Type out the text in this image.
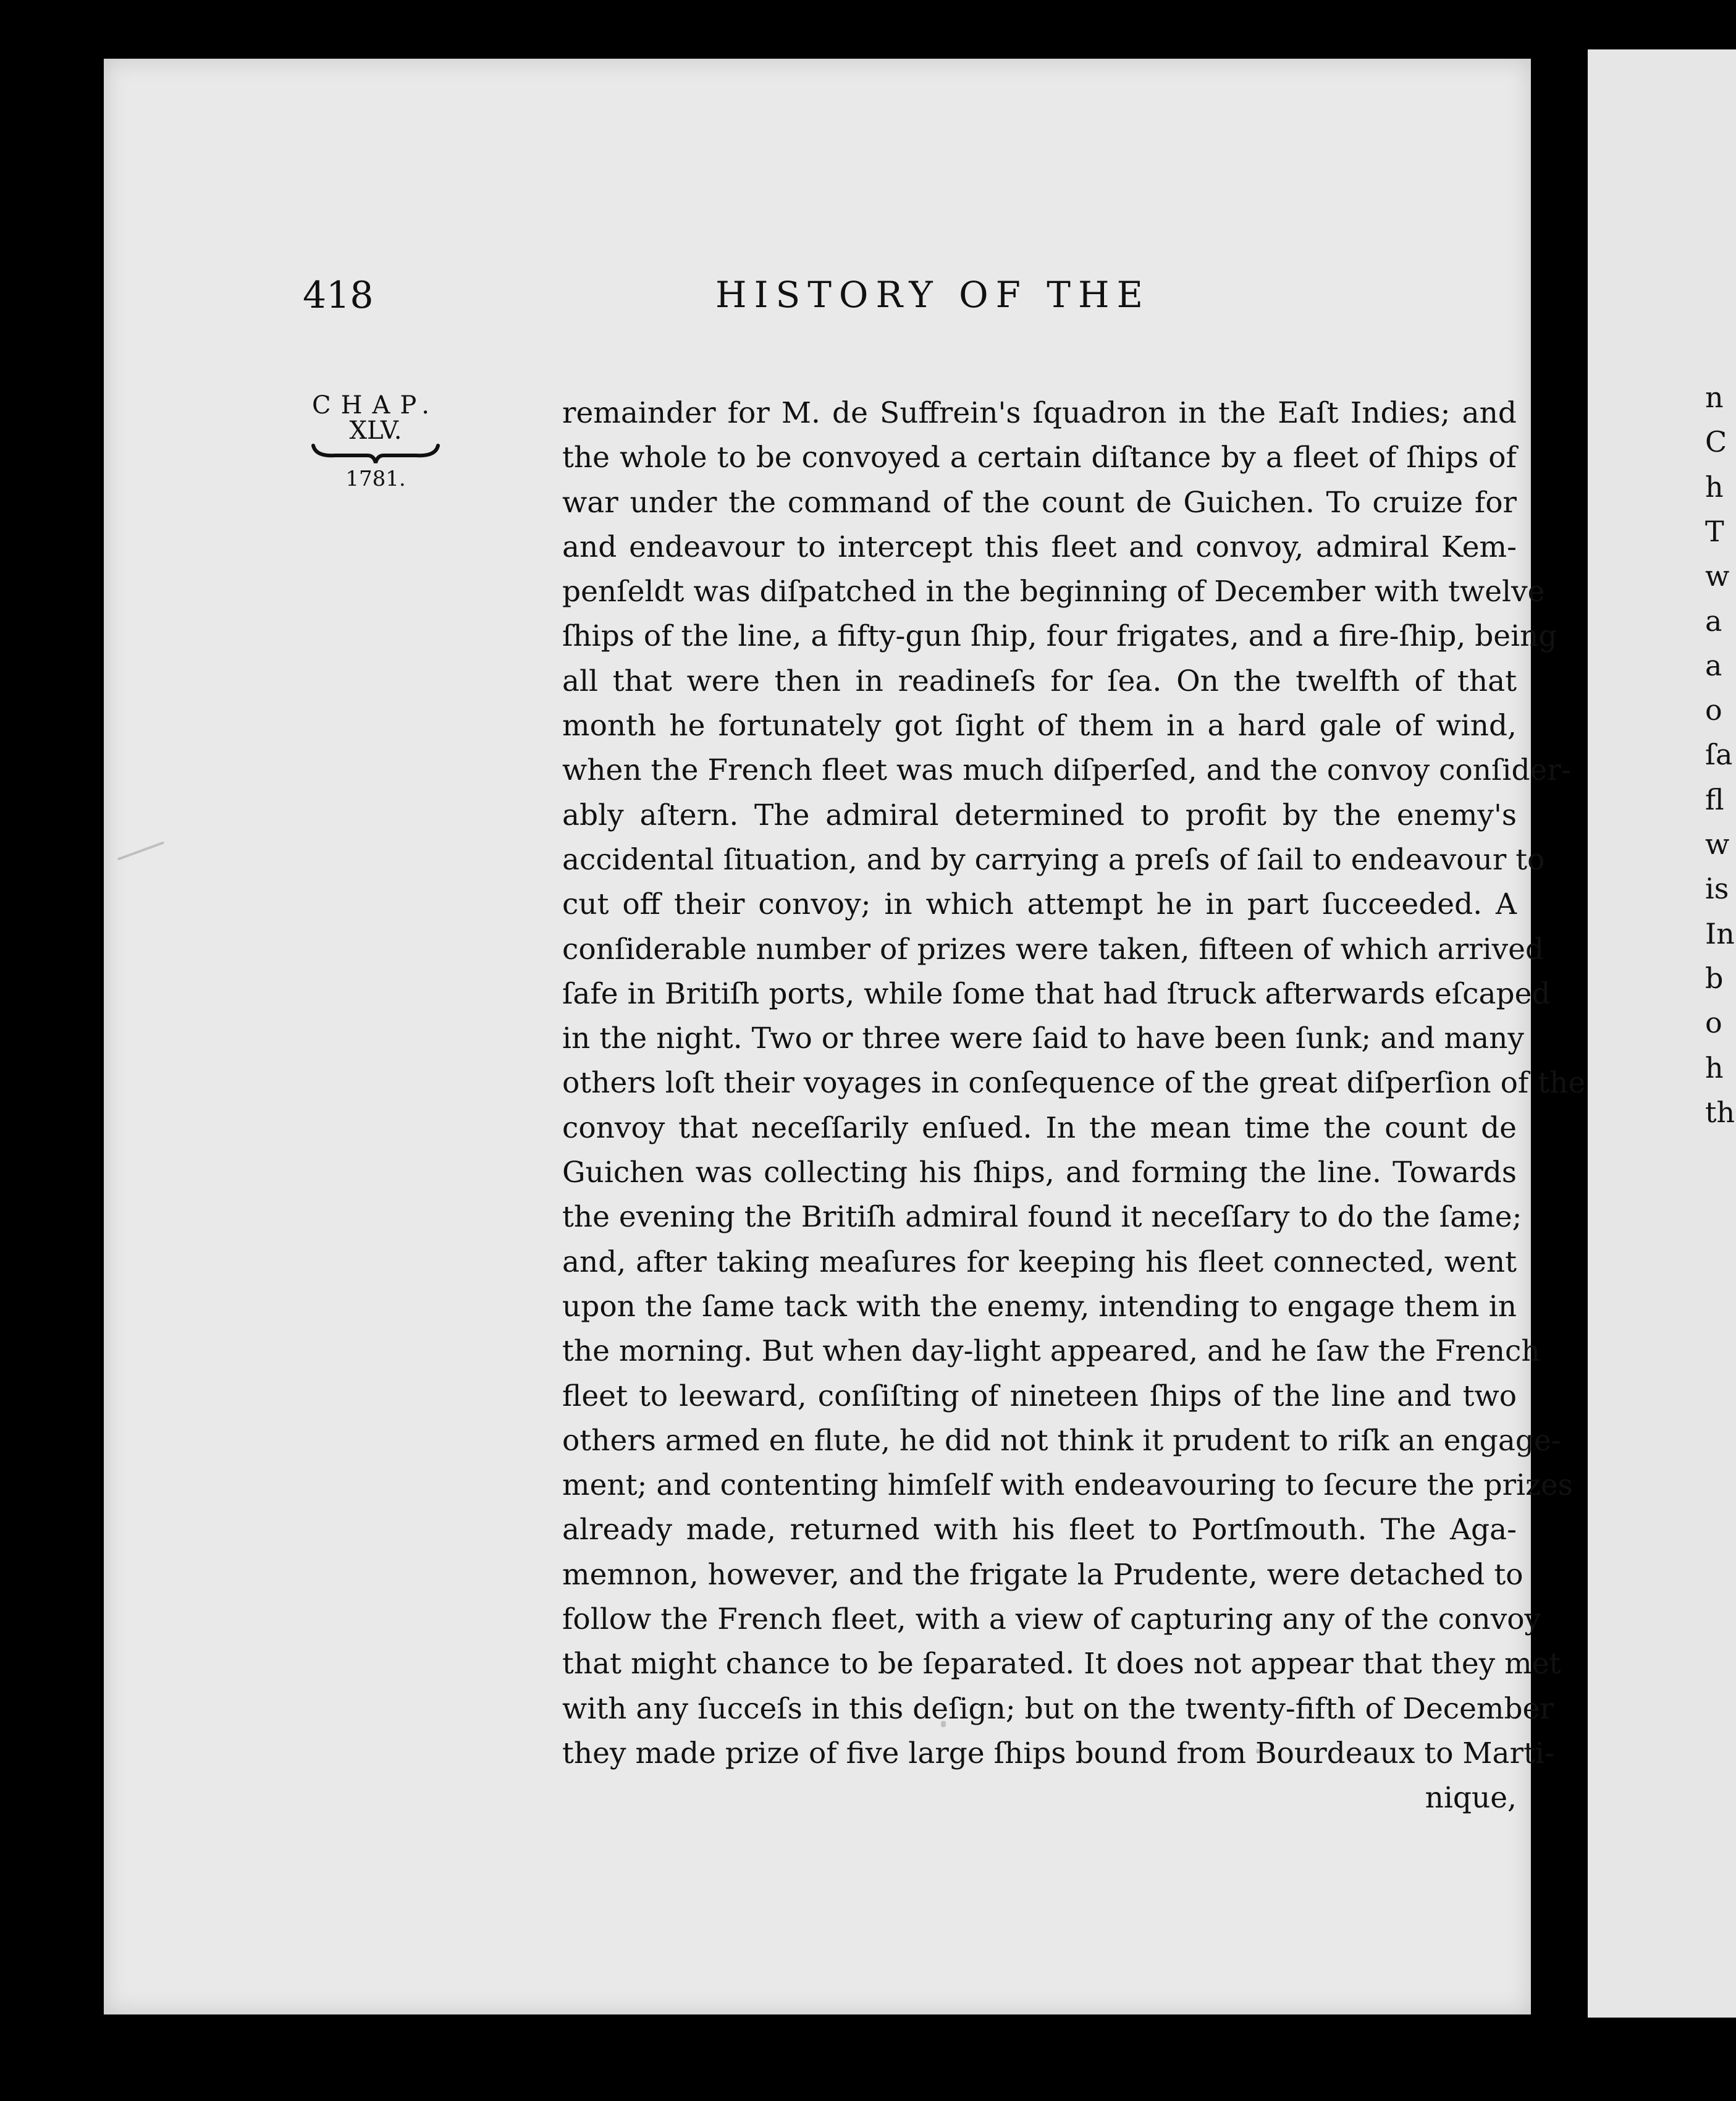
418	HISTORY OF THE
CHAP.
XLV.
1781.
remainder for M. de Suffrein's ſquadron in the Eaſt Indies; and
the whole to be convoyed a certain diſtance by a fleet of ſhips of
war under the command of the count de Guichen. To cruize for
and endeavour to intercept this fleet and convoy, admiral Kem-
penſeldt was diſpatched in the beginning of December with twelve
ſhips of the line, a fifty-gun ſhip, four frigates, and a fire-ſhip, being
all that were then in readineſs for ſea. On the twelfth of that
month he fortunately got ſight of them in a hard gale of wind,
when the French fleet was much diſperſed, and the convoy conſider-
ably aſtern. The admiral determined to profit by the enemy's
accidental ſituation, and by carrying a preſs of ſail to endeavour to
cut off their convoy; in which attempt he in part ſucceeded. A
conſiderable number of prizes were taken, fifteen of which arrived
ſafe in Britiſh ports, while ſome that had ſtruck afterwards eſcaped
in the night. Two or three were ſaid to have been ſunk; and many
others loſt their voyages in conſequence of the great diſperſion of the
convoy that neceſſarily enſued. In the mean time the count de
Guichen was collecting his ſhips, and forming the line. Towards
the evening the Britiſh admiral found it neceſſary to do the ſame;
and, after taking meaſures for keeping his fleet connected, went
upon the ſame tack with the enemy, intending to engage them in
the morning. But when day-light appeared, and he ſaw the French
fleet to leeward, conſiſting of nineteen ſhips of the line and two
others armed en flute, he did not think it prudent to riſk an engage-
ment; and contenting himſelf with endeavouring to ſecure the prizes
already made, returned with his fleet to Portſmouth. The Aga-
memnon, however, and the frigate la Prudente, were detached to
follow the French fleet, with a view of capturing any of the convoy
that might chance to be ſeparated. It does not appear that they met
with any ſucceſs in this deſign; but on the twenty-fifth of December
they made prize of five large ſhips bound from Bourdeaux to Marti-
nique,
n
C
h
T
w
a
a
o
ſa
fl
w
is
In
b
o
h
th
